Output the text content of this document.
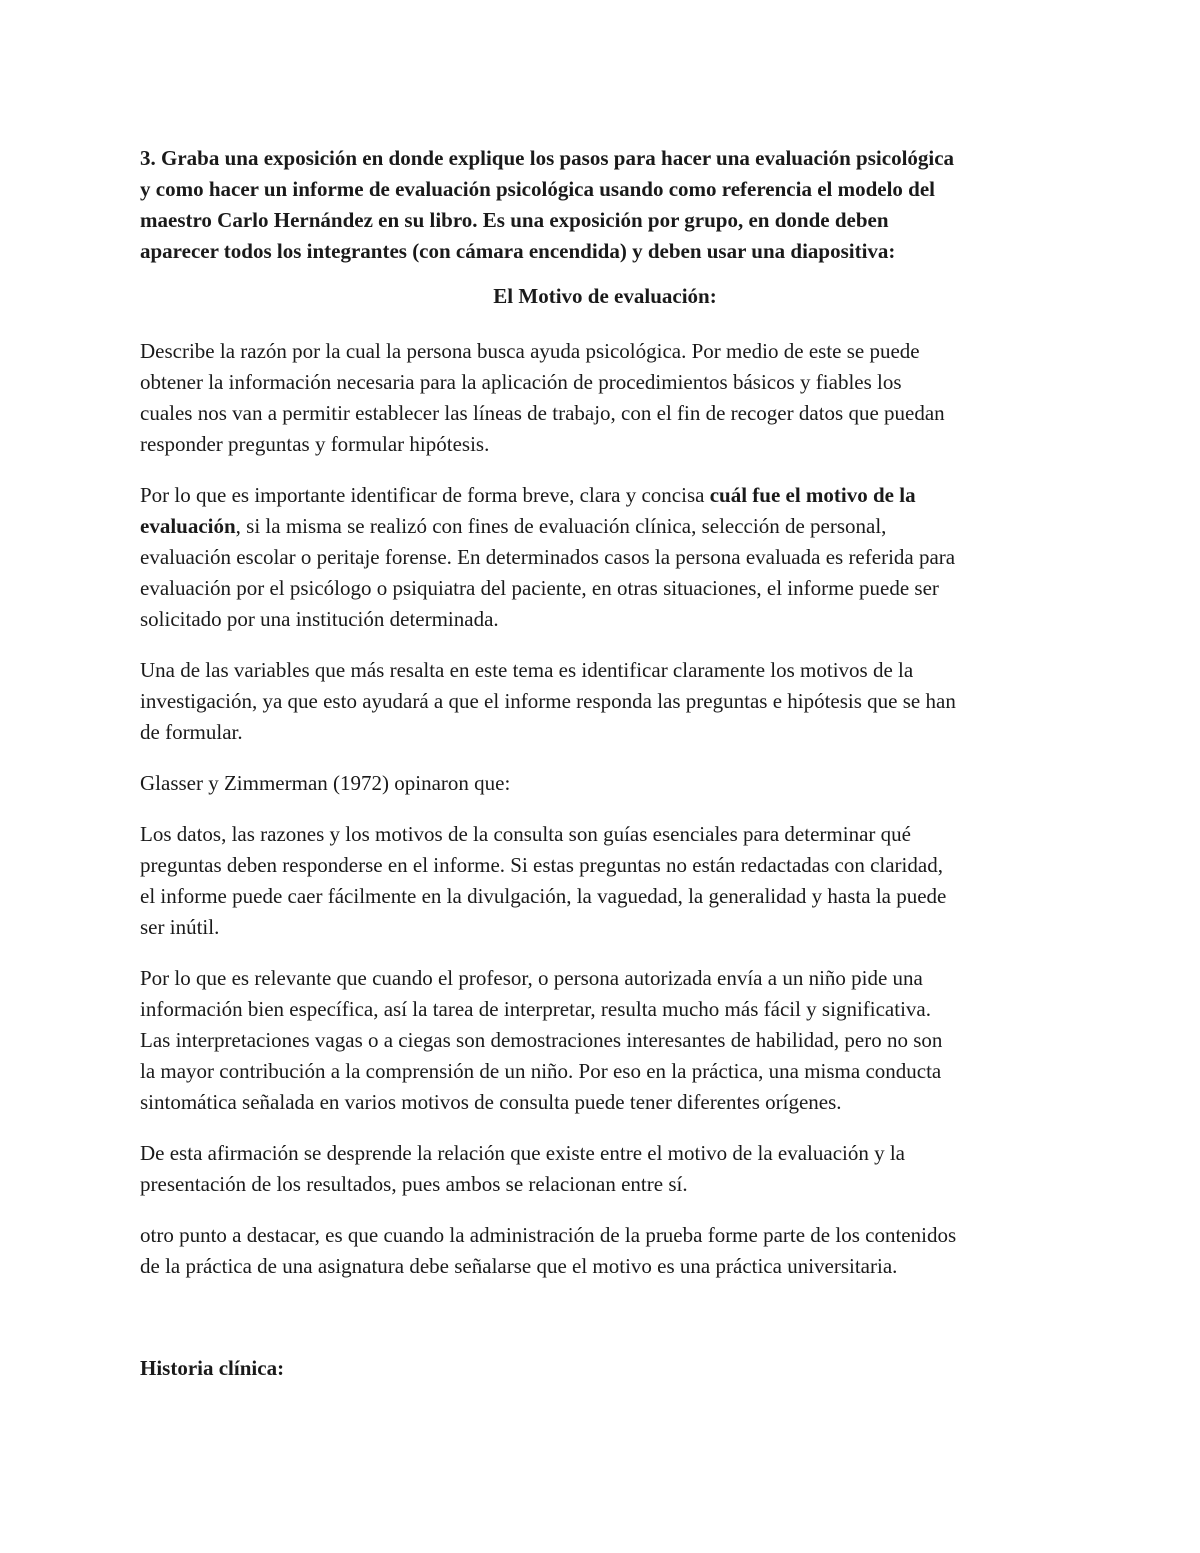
3. Graba una exposición en donde explique los pasos para hacer una evaluación psicológica
y como hacer un informe de evaluación psicológica usando como referencia el modelo del
maestro Carlo Hernández en su libro. Es una exposición por grupo, en donde deben
aparecer todos los integrantes (con cámara encendida) y deben usar una diapositiva:
El Motivo de evaluación:
Describe la razón por la cual la persona busca ayuda psicológica. Por medio de este se puede
obtener la información necesaria para la aplicación de procedimientos básicos y fiables los
cuales nos van a permitir establecer las líneas de trabajo, con el fin de recoger datos que puedan
responder preguntas y formular hipótesis.
Por lo que es importante identificar de forma breve, clara y concisa cuál fue el motivo de la
evaluación, si la misma se realizó con fines de evaluación clínica, selección de personal,
evaluación escolar o peritaje forense. En determinados casos la persona evaluada es referida para
evaluación por el psicólogo o psiquiatra del paciente, en otras situaciones, el informe puede ser
solicitado por una institución determinada.
Una de las variables que más resalta en este tema es identificar claramente los motivos de la
investigación, ya que esto ayudará a que el informe responda las preguntas e hipótesis que se han
de formular.
Glasser y Zimmerman (1972) opinaron que:
Los datos, las razones y los motivos de la consulta son guías esenciales para determinar qué
preguntas deben responderse en el informe. Si estas preguntas no están redactadas con claridad,
el informe puede caer fácilmente en la divulgación, la vaguedad, la generalidad y hasta la puede
ser inútil.
Por lo que es relevante que cuando el profesor, o persona autorizada envía a un niño pide una
información bien específica, así la tarea de interpretar, resulta mucho más fácil y significativa.
Las interpretaciones vagas o a ciegas son demostraciones interesantes de habilidad, pero no son
la mayor contribución a la comprensión de un niño. Por eso en la práctica, una misma conducta
sintomática señalada en varios motivos de consulta puede tener diferentes orígenes.
De esta afirmación se desprende la relación que existe entre el motivo de la evaluación y la
presentación de los resultados, pues ambos se relacionan entre sí.
otro punto a destacar, es que cuando la administración de la prueba forme parte de los contenidos
de la práctica de una asignatura debe señalarse que el motivo es una práctica universitaria.
Historia clínica:
